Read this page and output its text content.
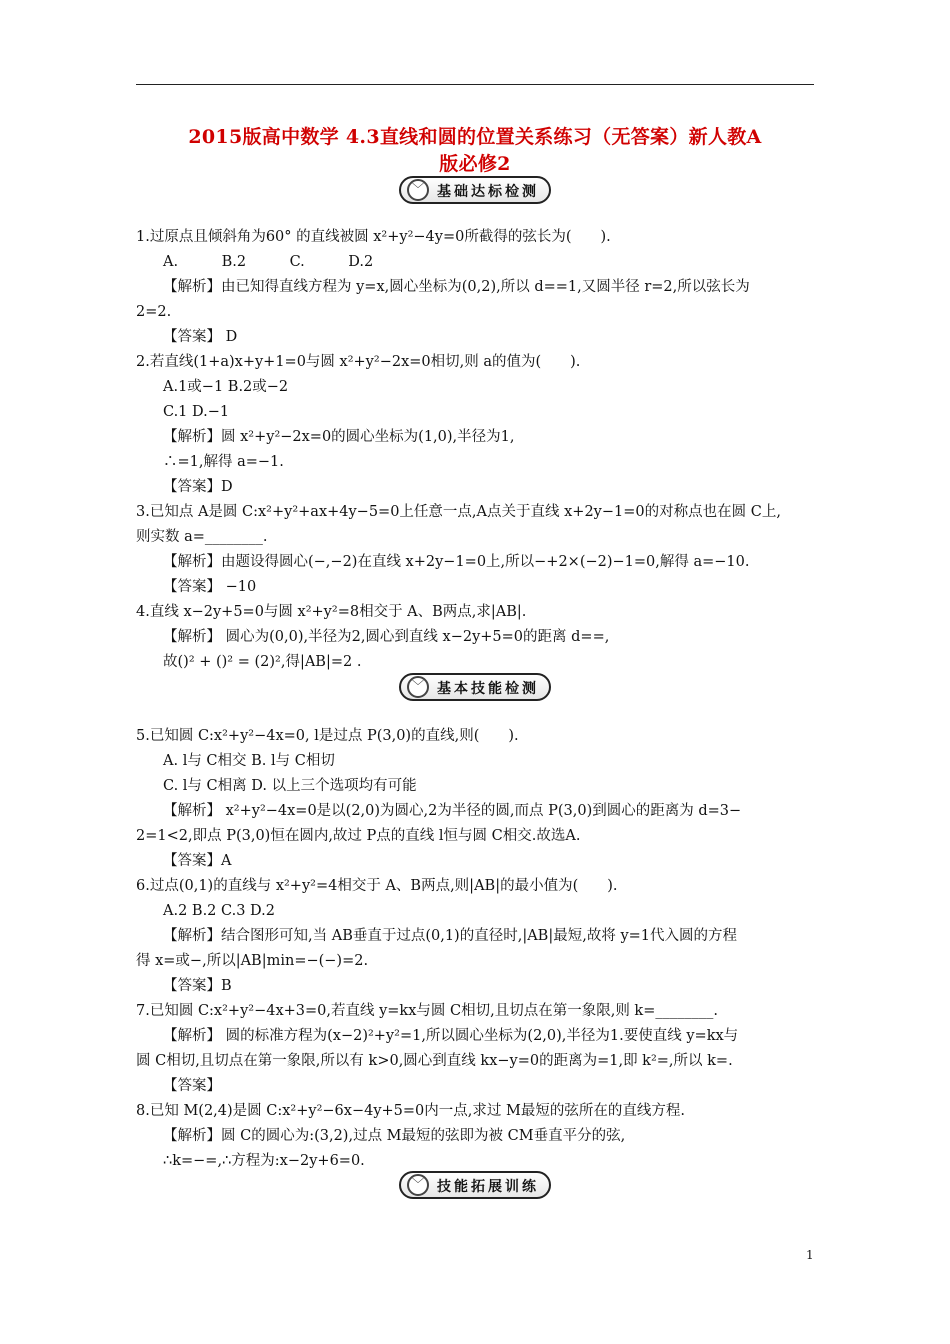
2015版高中数学 4.3直线和圆的位置关系练习（无答案）新人教A
版必修2
﹀ 基础达标检测
1.过原点且倾斜角为60° 的直线被圆 x²+y²−4y=0所截得的弦长为(　　).
A.　　　B.2　　　C.　　　D.2
【解析】由已知得直线方程为 y=x,圆心坐标为(0,2),所以 d==1,又圆半径 r=2,所以弦长为
2=2.
【答案】 D
2.若直线(1+a)x+y+1=0与圆 x²+y²−2x=0相切,则 a的值为(　　).
A.1或−1 B.2或−2
C.1 D.−1
【解析】圆 x²+y²−2x=0的圆心坐标为(1,0),半径为1,
∴=1,解得 a=−1.
【答案】D
3.已知点 A是圆 C:x²+y²+ax+4y−5=0上任意一点,A点关于直线 x+2y−1=0的对称点也在圆 C上,
则实数 a=________.
【解析】由题设得圆心(−,−2)在直线 x+2y−1=0上,所以−+2×(−2)−1=0,解得 a=−10.
【答案】 −10
4.直线 x−2y+5=0与圆 x²+y²=8相交于 A、B两点,求|AB|.
【解析】 圆心为(0,0),半径为2,圆心到直线 x−2y+5=0的距离 d==,
故()² + ()² = (2)²,得|AB|=2 .
﹀ 基本技能检测
5.已知圆 C:x²+y²−4x=0, l是过点 P(3,0)的直线,则(　　).
A. l与 C相交 B. l与 C相切
C. l与 C相离 D. 以上三个选项均有可能
【解析】 x²+y²−4x=0是以(2,0)为圆心,2为半径的圆,而点 P(3,0)到圆心的距离为 d=3−
2=1<2,即点 P(3,0)恒在圆内,故过 P点的直线 l恒与圆 C相交.故选A.
【答案】A
6.过点(0,1)的直线与 x²+y²=4相交于 A、B两点,则|AB|的最小值为(　　).
A.2 B.2 C.3 D.2
【解析】结合图形可知,当 AB垂直于过点(0,1)的直径时,|AB|最短,故将 y=1代入圆的方程
得 x=或−,所以|AB|min=−(−)=2.
【答案】B
7.已知圆 C:x²+y²−4x+3=0,若直线 y=kx与圆 C相切,且切点在第一象限,则 k=________.
【解析】 圆的标准方程为(x−2)²+y²=1,所以圆心坐标为(2,0),半径为1.要使直线 y=kx与
圆 C相切,且切点在第一象限,所以有 k>0,圆心到直线 kx−y=0的距离为=1,即 k²=,所以 k=.
【答案】
8.已知 M(2,4)是圆 C:x²+y²−6x−4y+5=0内一点,求过 M最短的弦所在的直线方程.
【解析】圆 C的圆心为:(3,2),过点 M最短的弦即为被 CM垂直平分的弦,
∴k=−=,∴方程为:x−2y+6=0.
﹀ 技能拓展训练
1
